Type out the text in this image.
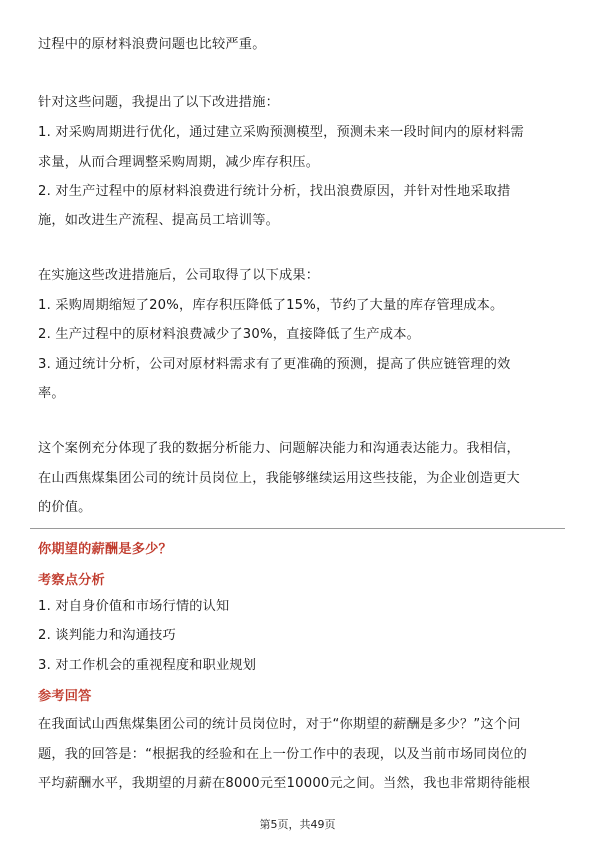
过程中的原材料浪费问题也比较严重。
针对这些问题，我提出了以下改进措施：
1. 对采购周期进行优化，通过建立采购预测模型，预测未来一段时间内的原材料需
求量，从而合理调整采购周期，减少库存积压。
2. 对生产过程中的原材料浪费进行统计分析，找出浪费原因，并针对性地采取措
施，如改进生产流程、提高员工培训等。
在实施这些改进措施后，公司取得了以下成果：
1. 采购周期缩短了20%，库存积压降低了15%，节约了大量的库存管理成本。
2. 生产过程中的原材料浪费减少了30%，直接降低了生产成本。
3. 通过统计分析，公司对原材料需求有了更准确的预测，提高了供应链管理的效
率。
这个案例充分体现了我的数据分析能力、问题解决能力和沟通表达能力。我相信，
在山西焦煤集团公司的统计员岗位上，我能够继续运用这些技能，为企业创造更大
的价值。
你期望的薪酬是多少？
考察点分析
1. 对自身价值和市场行情的认知
2. 谈判能力和沟通技巧
3. 对工作机会的重视程度和职业规划
参考回答
在我面试山西焦煤集团公司的统计员岗位时，对于“你期望的薪酬是多少？”这个问
题，我的回答是：“根据我的经验和在上一份工作中的表现，以及当前市场同岗位的
平均薪酬水平，我期望的月薪在8000元至10000元之间。当然，我也非常期待能根
第5页，共49页
